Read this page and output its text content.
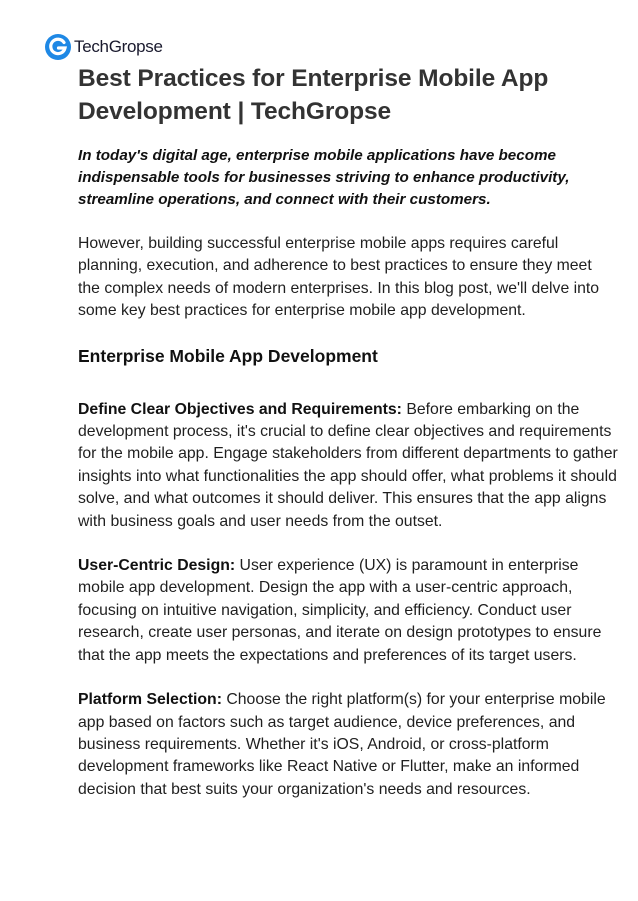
TechGropse
Best Practices for Enterprise Mobile App Development | TechGropse

In today's digital age, enterprise mobile applications have become indispensable tools for businesses striving to enhance productivity, streamline operations, and connect with their customers.

However, building successful enterprise mobile apps requires careful planning, execution, and adherence to best practices to ensure they meet the complex needs of modern enterprises. In this blog post, we'll delve into some key best practices for enterprise mobile app development.

Enterprise Mobile App Development

Define Clear Objectives and Requirements: Before embarking on the development process, it's crucial to define clear objectives and requirements for the mobile app. Engage stakeholders from different departments to gather insights into what functionalities the app should offer, what problems it should solve, and what outcomes it should deliver. This ensures that the app aligns with business goals and user needs from the outset.

User-Centric Design: User experience (UX) is paramount in enterprise mobile app development. Design the app with a user-centric approach, focusing on intuitive navigation, simplicity, and efficiency. Conduct user research, create user personas, and iterate on design prototypes to ensure that the app meets the expectations and preferences of its target users.

Platform Selection: Choose the right platform(s) for your enterprise mobile app based on factors such as target audience, device preferences, and business requirements. Whether it's iOS, Android, or cross-platform development frameworks like React Native or Flutter, make an informed decision that best suits your organization's needs and resources.
